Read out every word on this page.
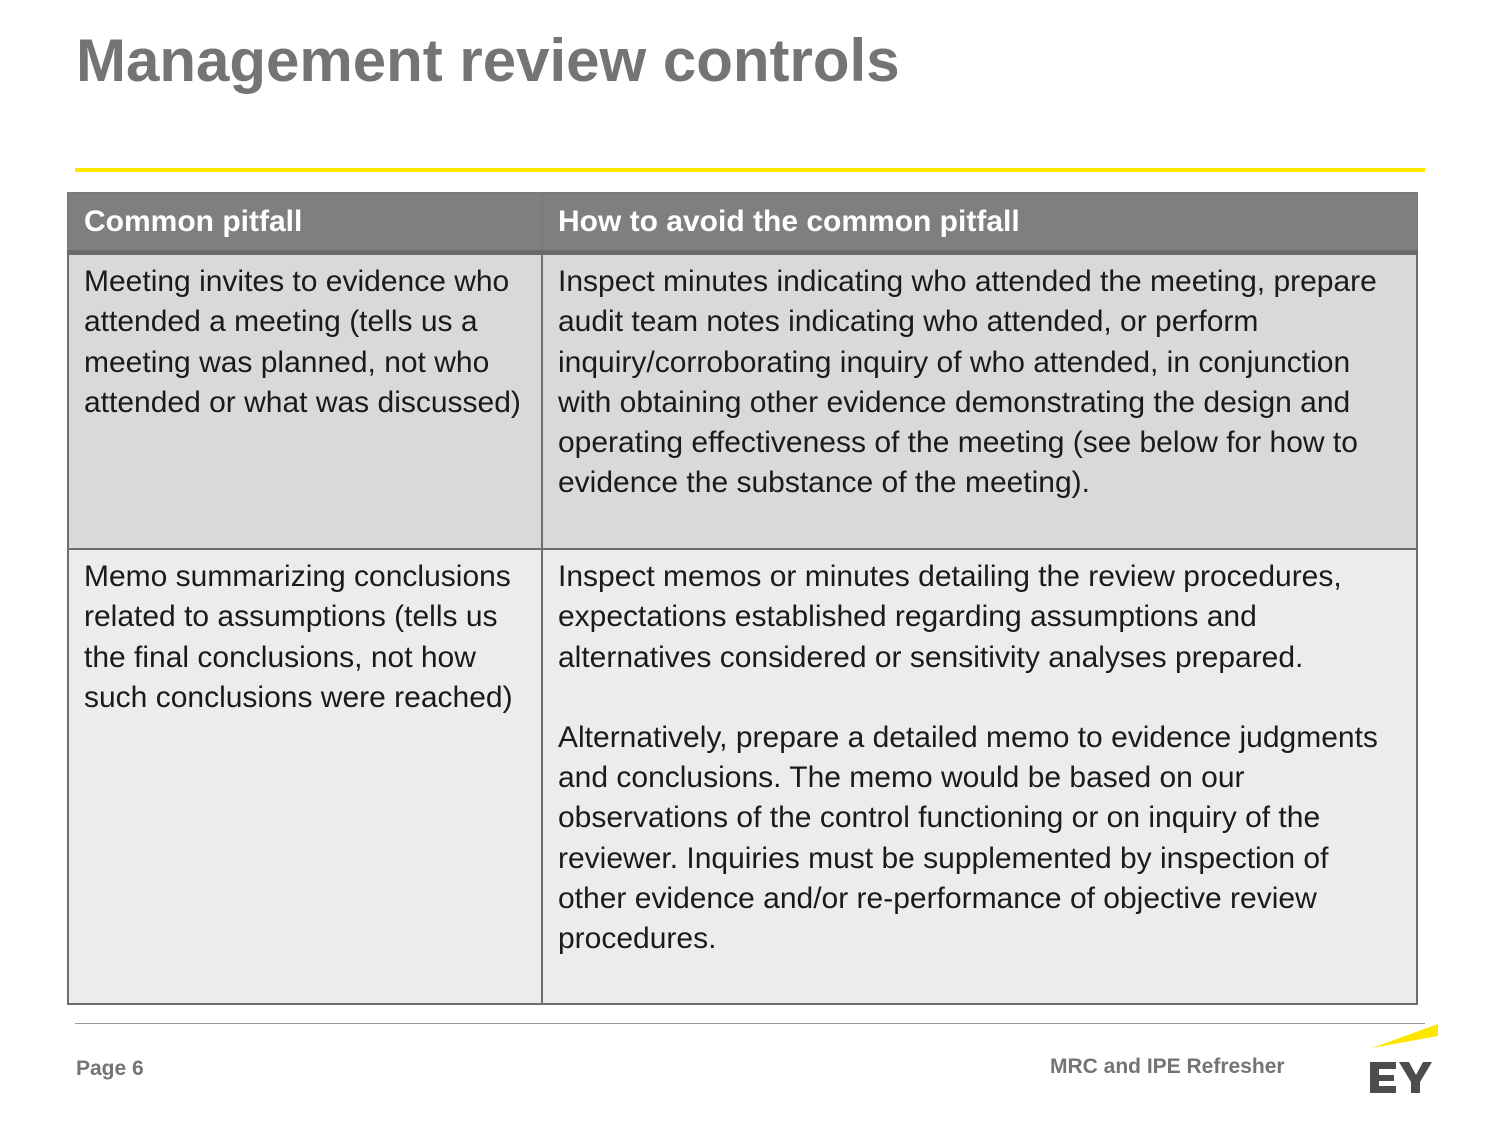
Management review controls
Common pitfall	How to avoid the common pitfall
Meeting invites to evidence who attended a meeting (tells us a meeting was planned, not who attended or what was discussed)	Inspect minutes indicating who attended the meeting, prepare audit team notes indicating who attended, or perform inquiry/corroborating inquiry of who attended, in conjunction with obtaining other evidence demonstrating the design and operating effectiveness of the meeting (see below for how to evidence the substance of the meeting).
Memo summarizing conclusions related to assumptions (tells us the final conclusions, not how such conclusions were reached)	Inspect memos or minutes detailing the review procedures, expectations established regarding assumptions and alternatives considered or sensitivity analyses prepared.
Alternatively, prepare a detailed memo to evidence judgments and conclusions. The memo would be based on our observations of the control functioning or on inquiry of the reviewer. Inquiries must be supplemented by inspection of other evidence and/or re-performance of objective review procedures.
Page 6	MRC and IPE Refresher
